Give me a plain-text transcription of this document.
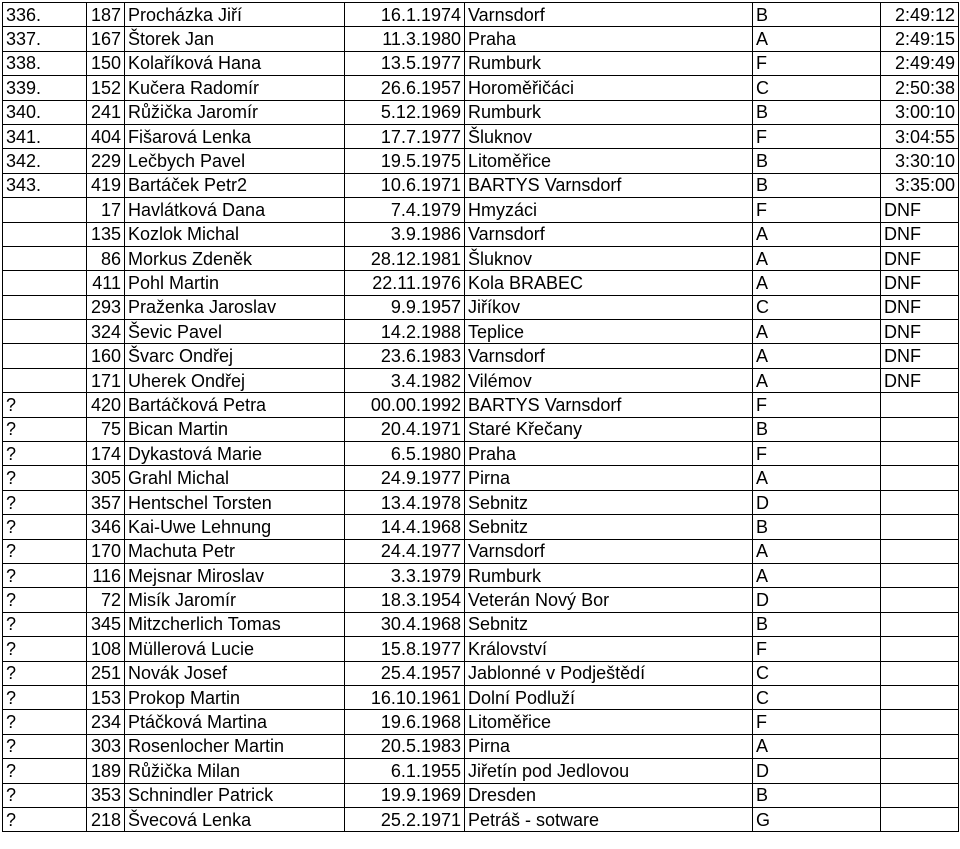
336.	187	Procházka Jiří	16.1.1974	Varnsdorf	B	2:49:12
337.	167	Štorek Jan	11.3.1980	Praha	A	2:49:15
338.	150	Kolaříková Hana	13.5.1977	Rumburk	F	2:49:49
339.	152	Kučera Radomír	26.6.1957	Horoměřičáci	C	2:50:38
340.	241	Růžička Jaromír	5.12.1969	Rumburk	B	3:00:10
341.	404	Fišarová Lenka	17.7.1977	Šluknov	F	3:04:55
342.	229	Lečbych Pavel	19.5.1975	Litoměřice	B	3:30:10
343.	419	Bartáček Petr2	10.6.1971	BARTYS Varnsdorf	B	3:35:00
	17	Havlátková Dana	7.4.1979	Hmyzáci	F	DNF
	135	Kozlok Michal	3.9.1986	Varnsdorf	A	DNF
	86	Morkus Zdeněk	28.12.1981	Šluknov	A	DNF
	411	Pohl Martin	22.11.1976	Kola BRABEC	A	DNF
	293	Praženka Jaroslav	9.9.1957	Jiříkov	C	DNF
	324	Ševic Pavel	14.2.1988	Teplice	A	DNF
	160	Švarc Ondřej	23.6.1983	Varnsdorf	A	DNF
	171	Uherek Ondřej	3.4.1982	Vilémov	A	DNF
?	420	Bartáčková Petra	00.00.1992	BARTYS Varnsdorf	F	
?	75	Bican Martin	20.4.1971	Staré Křečany	B	
?	174	Dykastová Marie	6.5.1980	Praha	F	
?	305	Grahl Michal	24.9.1977	Pirna	A	
?	357	Hentschel Torsten	13.4.1978	Sebnitz	D	
?	346	Kai-Uwe Lehnung	14.4.1968	Sebnitz	B	
?	170	Machuta Petr	24.4.1977	Varnsdorf	A	
?	116	Mejsnar Miroslav	3.3.1979	Rumburk	A	
?	72	Misík Jaromír	18.3.1954	Veterán Nový Bor	D	
?	345	Mitzcherlich Tomas	30.4.1968	Sebnitz	B	
?	108	Müllerová Lucie	15.8.1977	Království	F	
?	251	Novák Josef	25.4.1957	Jablonné v Podještědí	C	
?	153	Prokop Martin	16.10.1961	Dolní Podluží	C	
?	234	Ptáčková Martina	19.6.1968	Litoměřice	F	
?	303	Rosenlocher Martin	20.5.1983	Pirna	A	
?	189	Růžička Milan	6.1.1955	Jiřetín pod Jedlovou	D	
?	353	Schnindler Patrick	19.9.1969	Dresden	B	
?	218	Švecová Lenka	25.2.1971	Petráš - sotware	G	
